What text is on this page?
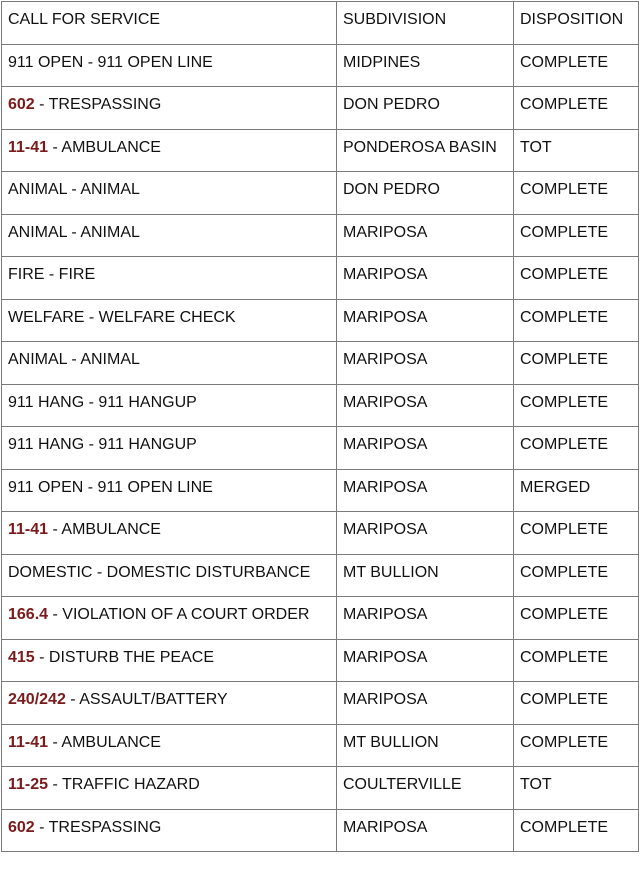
CALL FOR SERVICE	SUBDIVISION	DISPOSITION
911 OPEN - 911 OPEN LINE	MIDPINES	COMPLETE
602 - TRESPASSING	DON PEDRO	COMPLETE
11-41 - AMBULANCE	PONDEROSA BASIN	TOT
ANIMAL - ANIMAL	DON PEDRO	COMPLETE
ANIMAL - ANIMAL	MARIPOSA	COMPLETE
FIRE - FIRE	MARIPOSA	COMPLETE
WELFARE - WELFARE CHECK	MARIPOSA	COMPLETE
ANIMAL - ANIMAL	MARIPOSA	COMPLETE
911 HANG - 911 HANGUP	MARIPOSA	COMPLETE
911 HANG - 911 HANGUP	MARIPOSA	COMPLETE
911 OPEN - 911 OPEN LINE	MARIPOSA	MERGED
11-41 - AMBULANCE	MARIPOSA	COMPLETE
DOMESTIC - DOMESTIC DISTURBANCE	MT BULLION	COMPLETE
166.4 - VIOLATION OF A COURT ORDER	MARIPOSA	COMPLETE
415 - DISTURB THE PEACE	MARIPOSA	COMPLETE
240/242 - ASSAULT/BATTERY	MARIPOSA	COMPLETE
11-41 - AMBULANCE	MT BULLION	COMPLETE
11-25 - TRAFFIC HAZARD	COULTERVILLE	TOT
602 - TRESPASSING	MARIPOSA	COMPLETE
